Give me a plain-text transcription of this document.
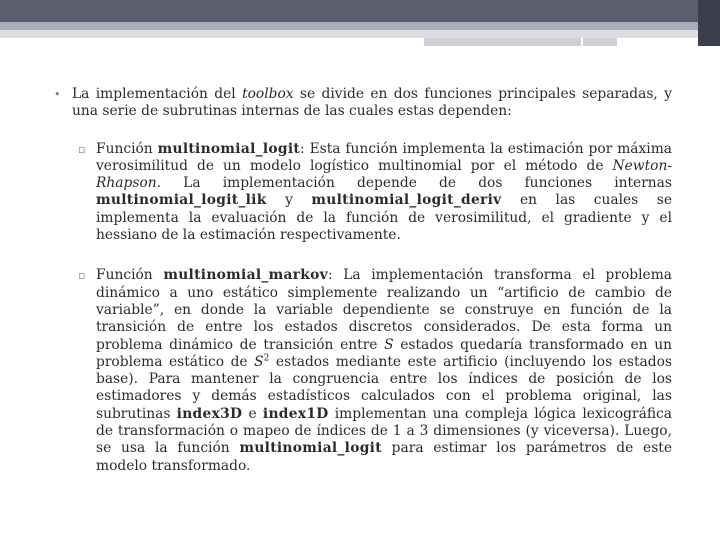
• La implementación del toolbox se divide en dos funciones principales separadas, y una serie de subrutinas internas de las cuales estas dependen:
▫ Función multinomial_logit: Esta función implementa la estimación por máxima verosimilitud de un modelo logístico multinomial por el método de Newton-Rhapson. La implementación depende de dos funciones internas multinomial_logit_lik y multinomial_logit_deriv en las cuales se implementa la evaluación de la función de verosimilitud, el gradiente y el hessiano de la estimación respectivamente.
▫ Función multinomial_markov: La implementación transforma el problema dinámico a uno estático simplemente realizando un “artificio de cambio de variable”, en donde la variable dependiente se construye en función de la transición de entre los estados discretos considerados. De esta forma un problema dinámico de transición entre S estados quedaría transformado en un problema estático de $S^2$ estados mediante este artificio (incluyendo los estados base). Para mantener la congruencia entre los índices de posición de los estimadores y demás estadísticos calculados con el problema original, las subrutinas index3D e index1D implementan una compleja lógica lexicográfica de transformación o mapeo de índices de 1 a 3 dimensiones (y viceversa). Luego, se usa la función multinomial_logit para estimar los parámetros de este modelo transformado.
